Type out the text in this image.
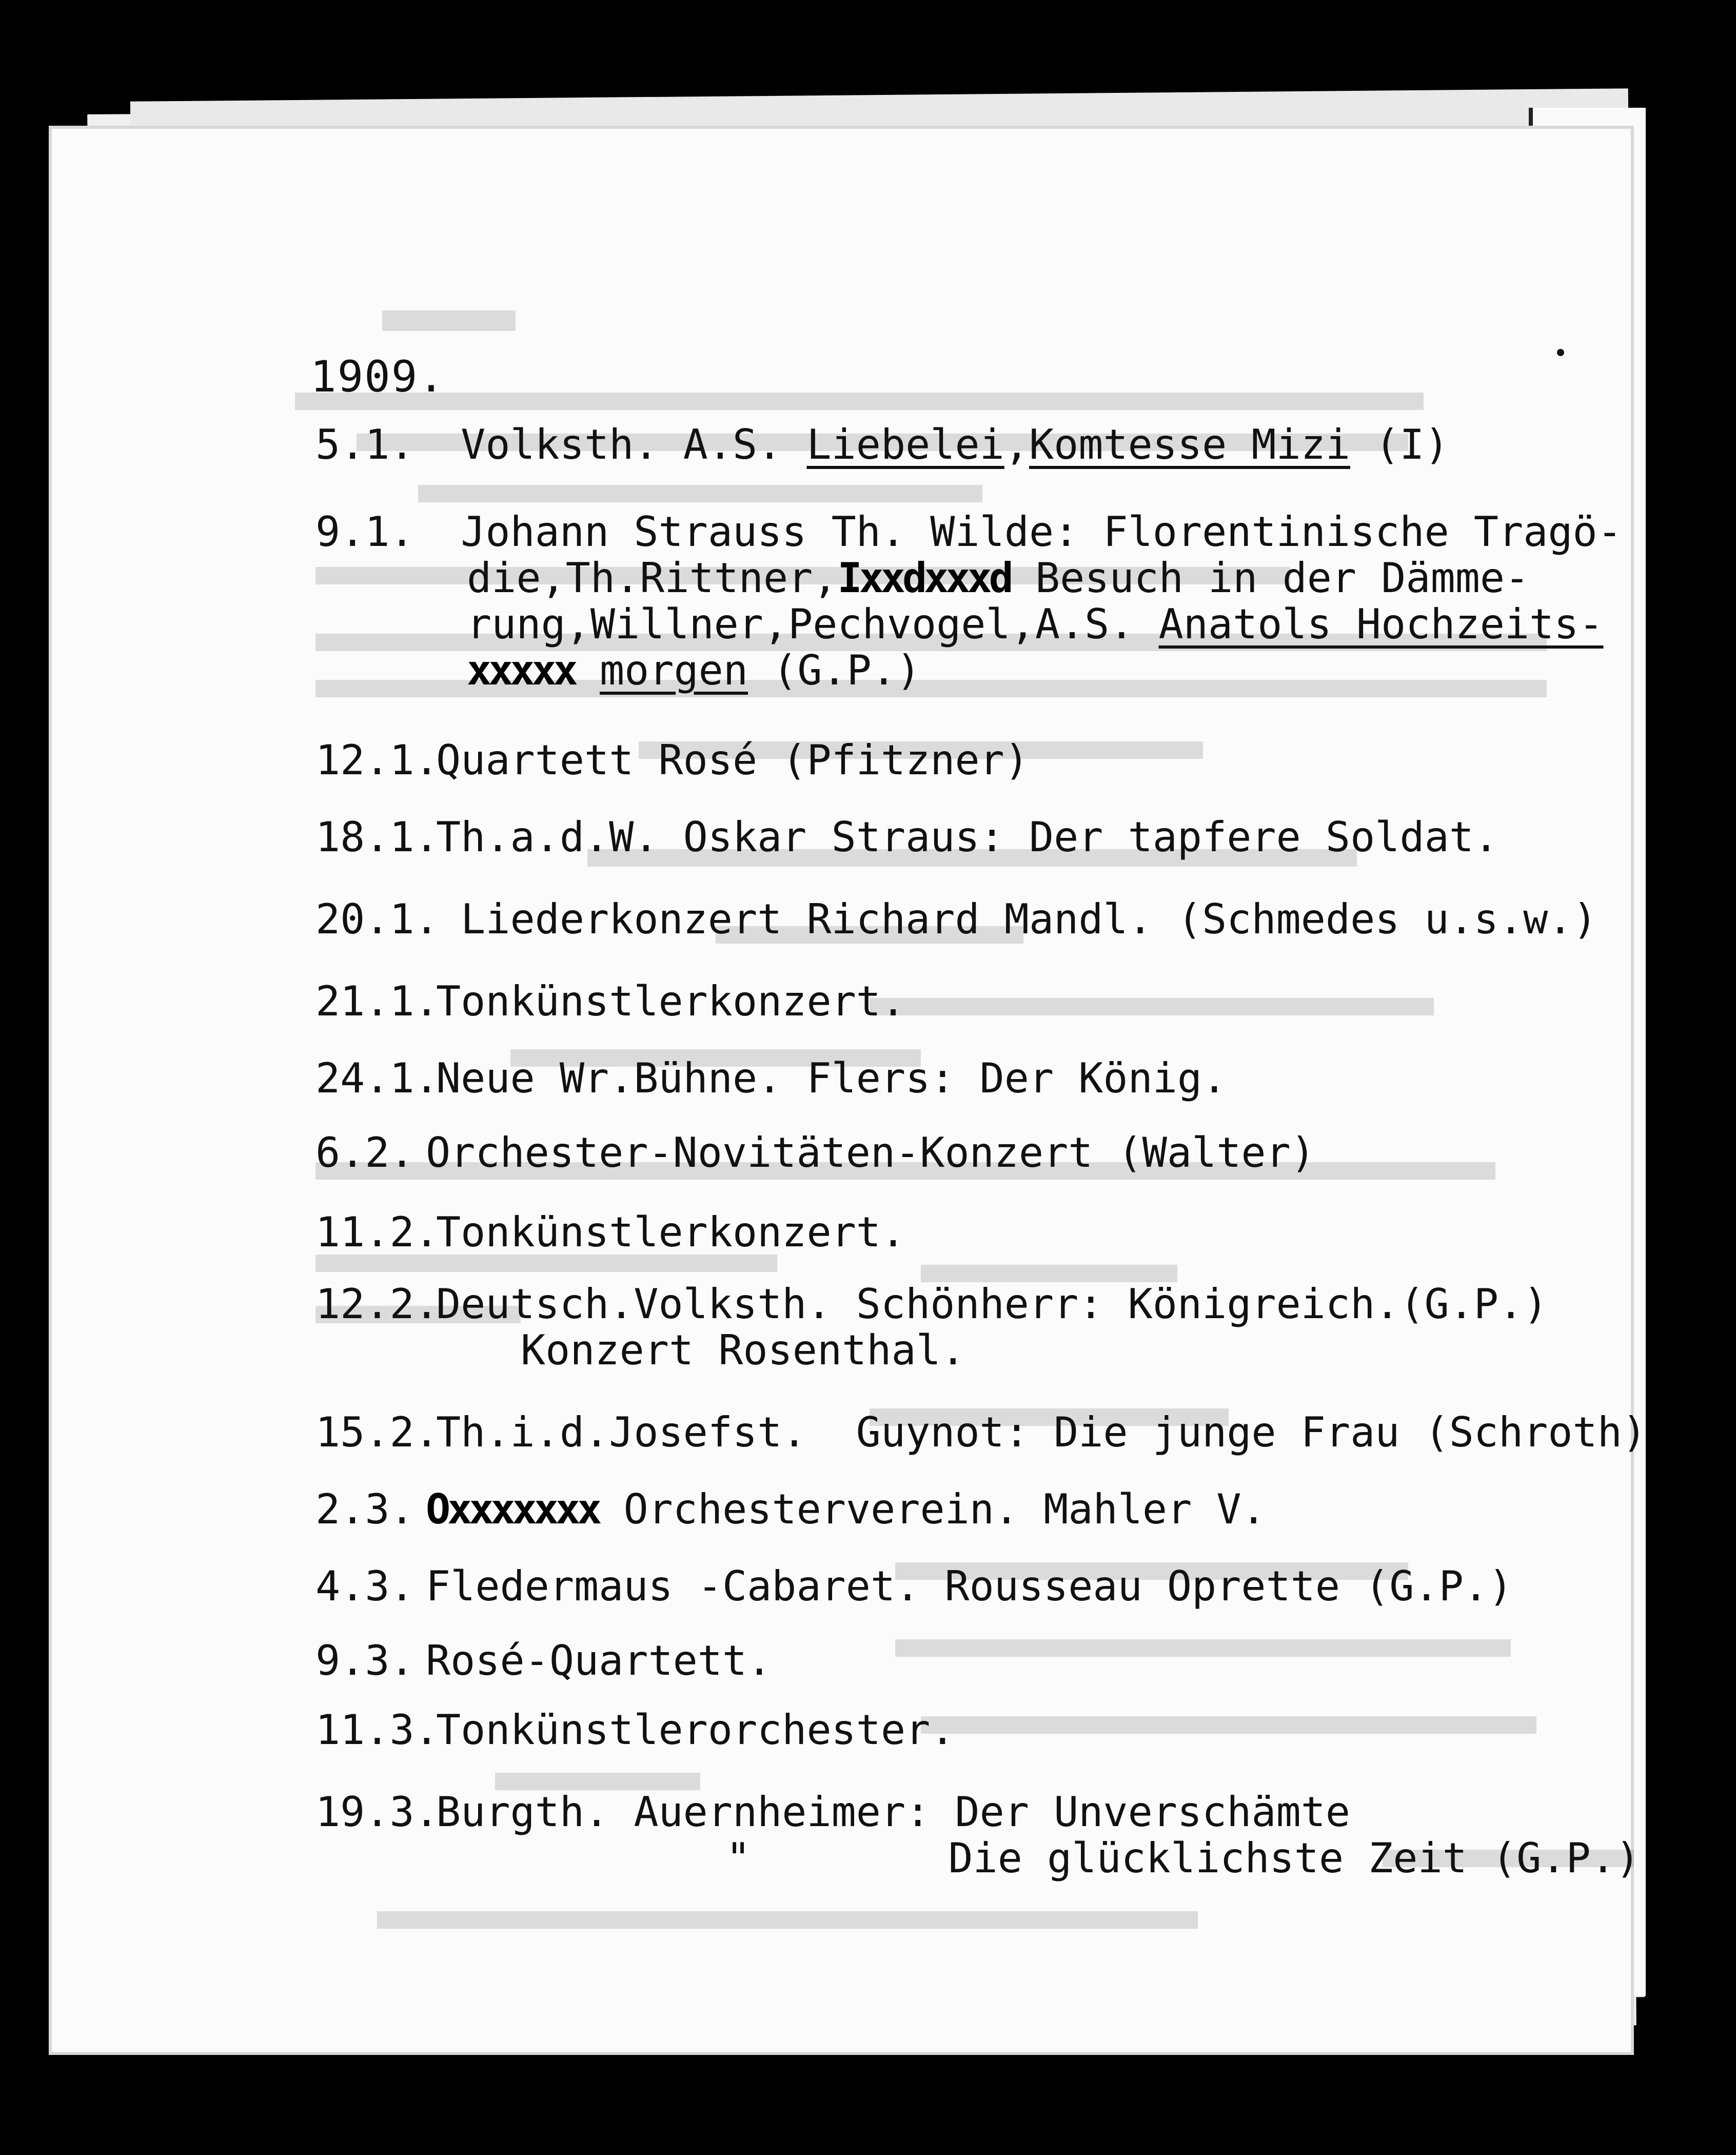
1909.
5.1. Volksth. A.S. Liebelei,Komtesse Mizi (I)
9.1. Johann Strauss Th. Wilde: Florentinische Tragö-
die,Th.Rittner,Ixxdxxxd Besuch in der Dämme-
rung,Willner,Pechvogel,A.S. Anatols Hochzeits-
xxxxx morgen (G.P.)
12.1.Quartett Rosé (Pfitzner)
18.1.Th.a.d.W. Oskar Straus: Der tapfere Soldat.
20.1. Liederkonzert Richard Mandl. (Schmedes u.s.w.)
21.1.Tonkünstlerkonzert.
24.1.Neue Wr.Bühne. Flers: Der König.
6.2. Orchester-Novitäten-Konzert (Walter)
11.2.Tonkünstlerkonzert.
12.2.Deutsch.Volksth. Schönherr: Königreich.(G.P.)
Konzert Rosenthal.
15.2.Th.i.d.Josefst.  Guynot: Die junge Frau (Schroth)
2.3. Oxxxxxxx Orchesterverein. Mahler V.
4.3. Fledermaus -Cabaret. Rousseau Oprette (G.P.)
9.3. Rosé-Quartett.
11.3.Tonkünstlerorchester.
19.3.Burgth. Auernheimer: Der Unverschämte
"        Die glücklichste Zeit (G.P.)
